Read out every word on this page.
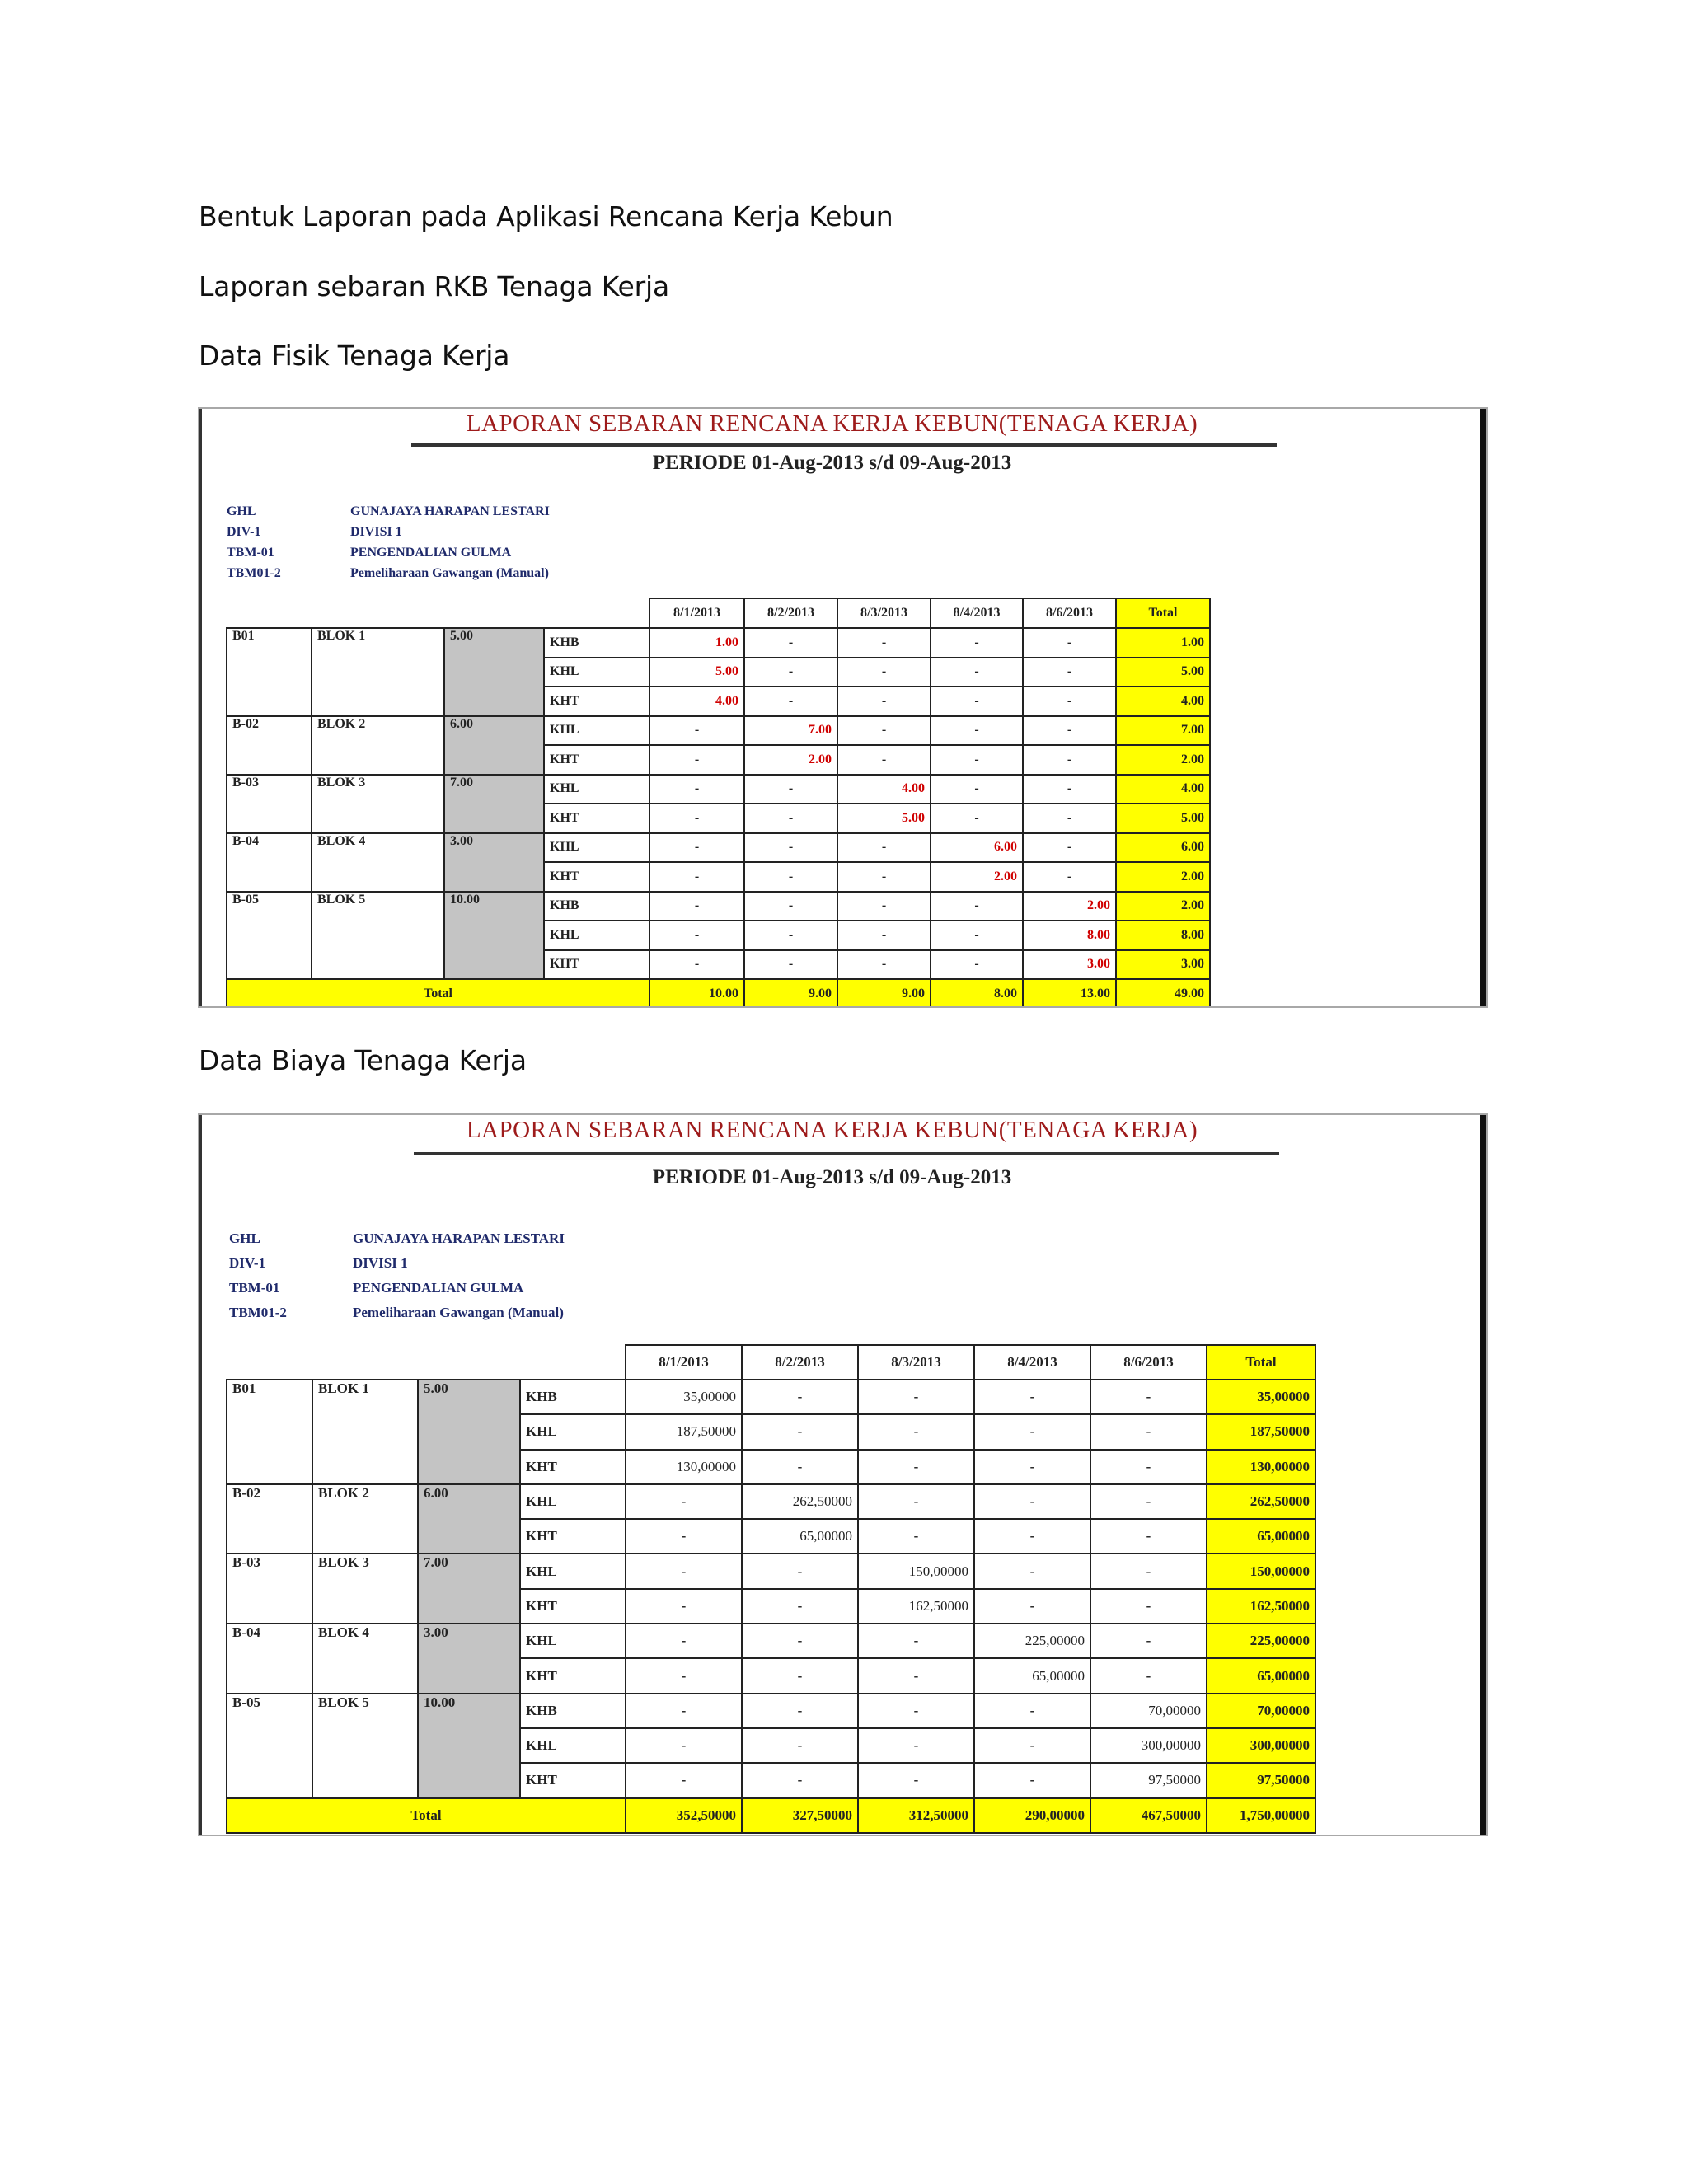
Bentuk Laporan pada Aplikasi Rencana Kerja Kebun

Laporan sebaran RKB Tenaga Kerja

Data Fisik Tenaga Kerja
LAPORAN SEBARAN RENCANA KERJA KEBUN(TENAGA KERJA)
PERIODE 01-Aug-2013 s/d 09-Aug-2013
GHL	GUNAJAYA HARAPAN LESTARI
DIV-1	DIVISI 1
TBM-01	PENGENDALIAN GULMA
TBM01-2	Pemeliharaan Gawangan (Manual)
				8/1/2013	8/2/2013	8/3/2013	8/4/2013	8/6/2013	Total
B01	BLOK 1	5.00	KHB	1.00	-	-	-	-	1.00
			KHL	5.00	-	-	-	-	5.00
			KHT	4.00	-	-	-	-	4.00
B-02	BLOK 2	6.00	KHL	-	7.00	-	-	-	7.00
			KHT	-	2.00	-	-	-	2.00
B-03	BLOK 3	7.00	KHL	-	-	4.00	-	-	4.00
			KHT	-	-	5.00	-	-	5.00
B-04	BLOK 4	3.00	KHL	-	-	-	6.00	-	6.00
			KHT	-	-	-	2.00	-	2.00
B-05	BLOK 5	10.00	KHB	-	-	-	-	2.00	2.00
			KHL	-	-	-	-	8.00	8.00
			KHT	-	-	-	-	3.00	3.00
Total				10.00	9.00	9.00	8.00	13.00	49.00
Data Biaya Tenaga Kerja
LAPORAN SEBARAN RENCANA KERJA KEBUN(TENAGA KERJA)
PERIODE 01-Aug-2013 s/d 09-Aug-2013
GHL	GUNAJAYA HARAPAN LESTARI
DIV-1	DIVISI 1
TBM-01	PENGENDALIAN GULMA
TBM01-2	Pemeliharaan Gawangan (Manual)
				8/1/2013	8/2/2013	8/3/2013	8/4/2013	8/6/2013	Total
B01	BLOK 1	5.00	KHB	35,00000	-	-	-	-	35,00000
			KHL	187,50000	-	-	-	-	187,50000
			KHT	130,00000	-	-	-	-	130,00000
B-02	BLOK 2	6.00	KHL	-	262,50000	-	-	-	262,50000
			KHT	-	65,00000	-	-	-	65,00000
B-03	BLOK 3	7.00	KHL	-	-	150,00000	-	-	150,00000
			KHT	-	-	162,50000	-	-	162,50000
B-04	BLOK 4	3.00	KHL	-	-	-	225,00000	-	225,00000
			KHT	-	-	-	65,00000	-	65,00000
B-05	BLOK 5	10.00	KHB	-	-	-	-	70,00000	70,00000
			KHL	-	-	-	-	300,00000	300,00000
			KHT	-	-	-	-	97,50000	97,50000
Total				352,50000	327,50000	312,50000	290,00000	467,50000	1,750,00000
